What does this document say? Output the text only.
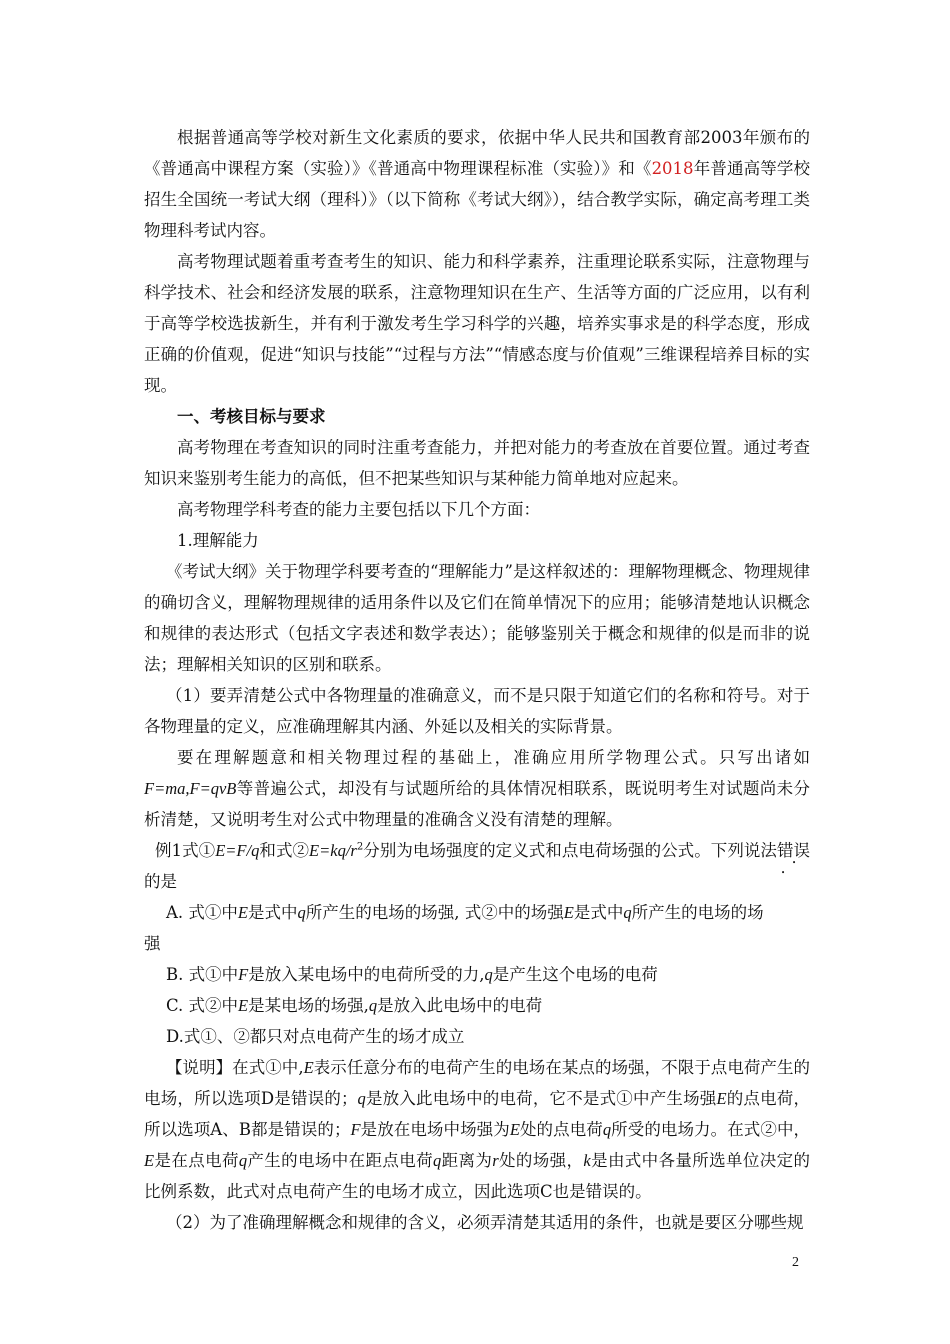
根据普通高等学校对新生文化素质的要求，依据中华人民共和国教育部2003年颁布的《普通高中课程方案（实验）》《普通高中物理课程标准（实验）》和《2018年普通高等学校招生全国统一考试大纲（理科）》（以下简称《考试大纲》），结合教学实际，确定高考理工类物理科考试内容。

高考物理试题着重考查考生的知识、能力和科学素养，注重理论联系实际，注意物理与科学技术、社会和经济发展的联系，注意物理知识在生产、生活等方面的广泛应用，以有利于高等学校选拔新生，并有利于激发考生学习科学的兴趣，培养实事求是的科学态度，形成正确的价值观，促进“知识与技能”“过程与方法”“情感态度与价值观”三维课程培养目标的实现。

一、考核目标与要求

高考物理在考查知识的同时注重考查能力，并把对能力的考查放在首要位置。通过考查知识来鉴别考生能力的高低，但不把某些知识与某种能力简单地对应起来。

高考物理学科考查的能力主要包括以下几个方面：

1.理解能力

《考试大纲》关于物理学科要考查的“理解能力”是这样叙述的：理解物理概念、物理规律的确切含义，理解物理规律的适用条件以及它们在简单情况下的应用；能够清楚地认识概念和规律的表达形式（包括文字表述和数学表达）；能够鉴别关于概念和规律的似是而非的说法；理解相关知识的区别和联系。

（1）要弄清楚公式中各物理量的准确意义，而不是只限于知道它们的名称和符号。对于各物理量的定义，应准确理解其内涵、外延以及相关的实际背景。

要在理解题意和相关物理过程的基础上，准确应用所学物理公式。只写出诸如F=ma,F=qvB等普遍公式，却没有与试题所给的具体情况相联系，既说明考生对试题尚未分析清楚，又说明考生对公式中物理量的准确含义没有清楚的理解。

例1式①E=F/q和式$②E=kq/r^2$分别为电场强度的定义式和点电荷场强的公式。下列说法错误 • •的是

A. 式①中E是式中q所产生的电场的场强, 式②中的场强E是式中q所产生的电场的场

强

B. 式①中F是放入某电场中的电荷所受的力,q是产生这个电场的电荷

C. 式②中E是某电场的场强,q是放入此电场中的电荷

D.式①、②都只对点电荷产生的场才成立

【说明】在式①中,E表示任意分布的电荷产生的电场在某点的场强，不限于点电荷产生的电场，所以选项D是错误的；q是放入此电场中的电荷，它不是式①中产生场强E的点电荷，所以选项A、B都是错误的；F是放在电场中场强为E处的点电荷q所受的电场力。在式②中，E是在点电荷q产生的电场中在距点电荷q距离为r处的场强，k是由式中各量所选单位决定的比例系数，此式对点电荷产生的电场才成立，因此选项C也是错误的。

（2）为了准确理解概念和规律的含义，必须弄清楚其适用的条件，也就是要区分哪些规

2
